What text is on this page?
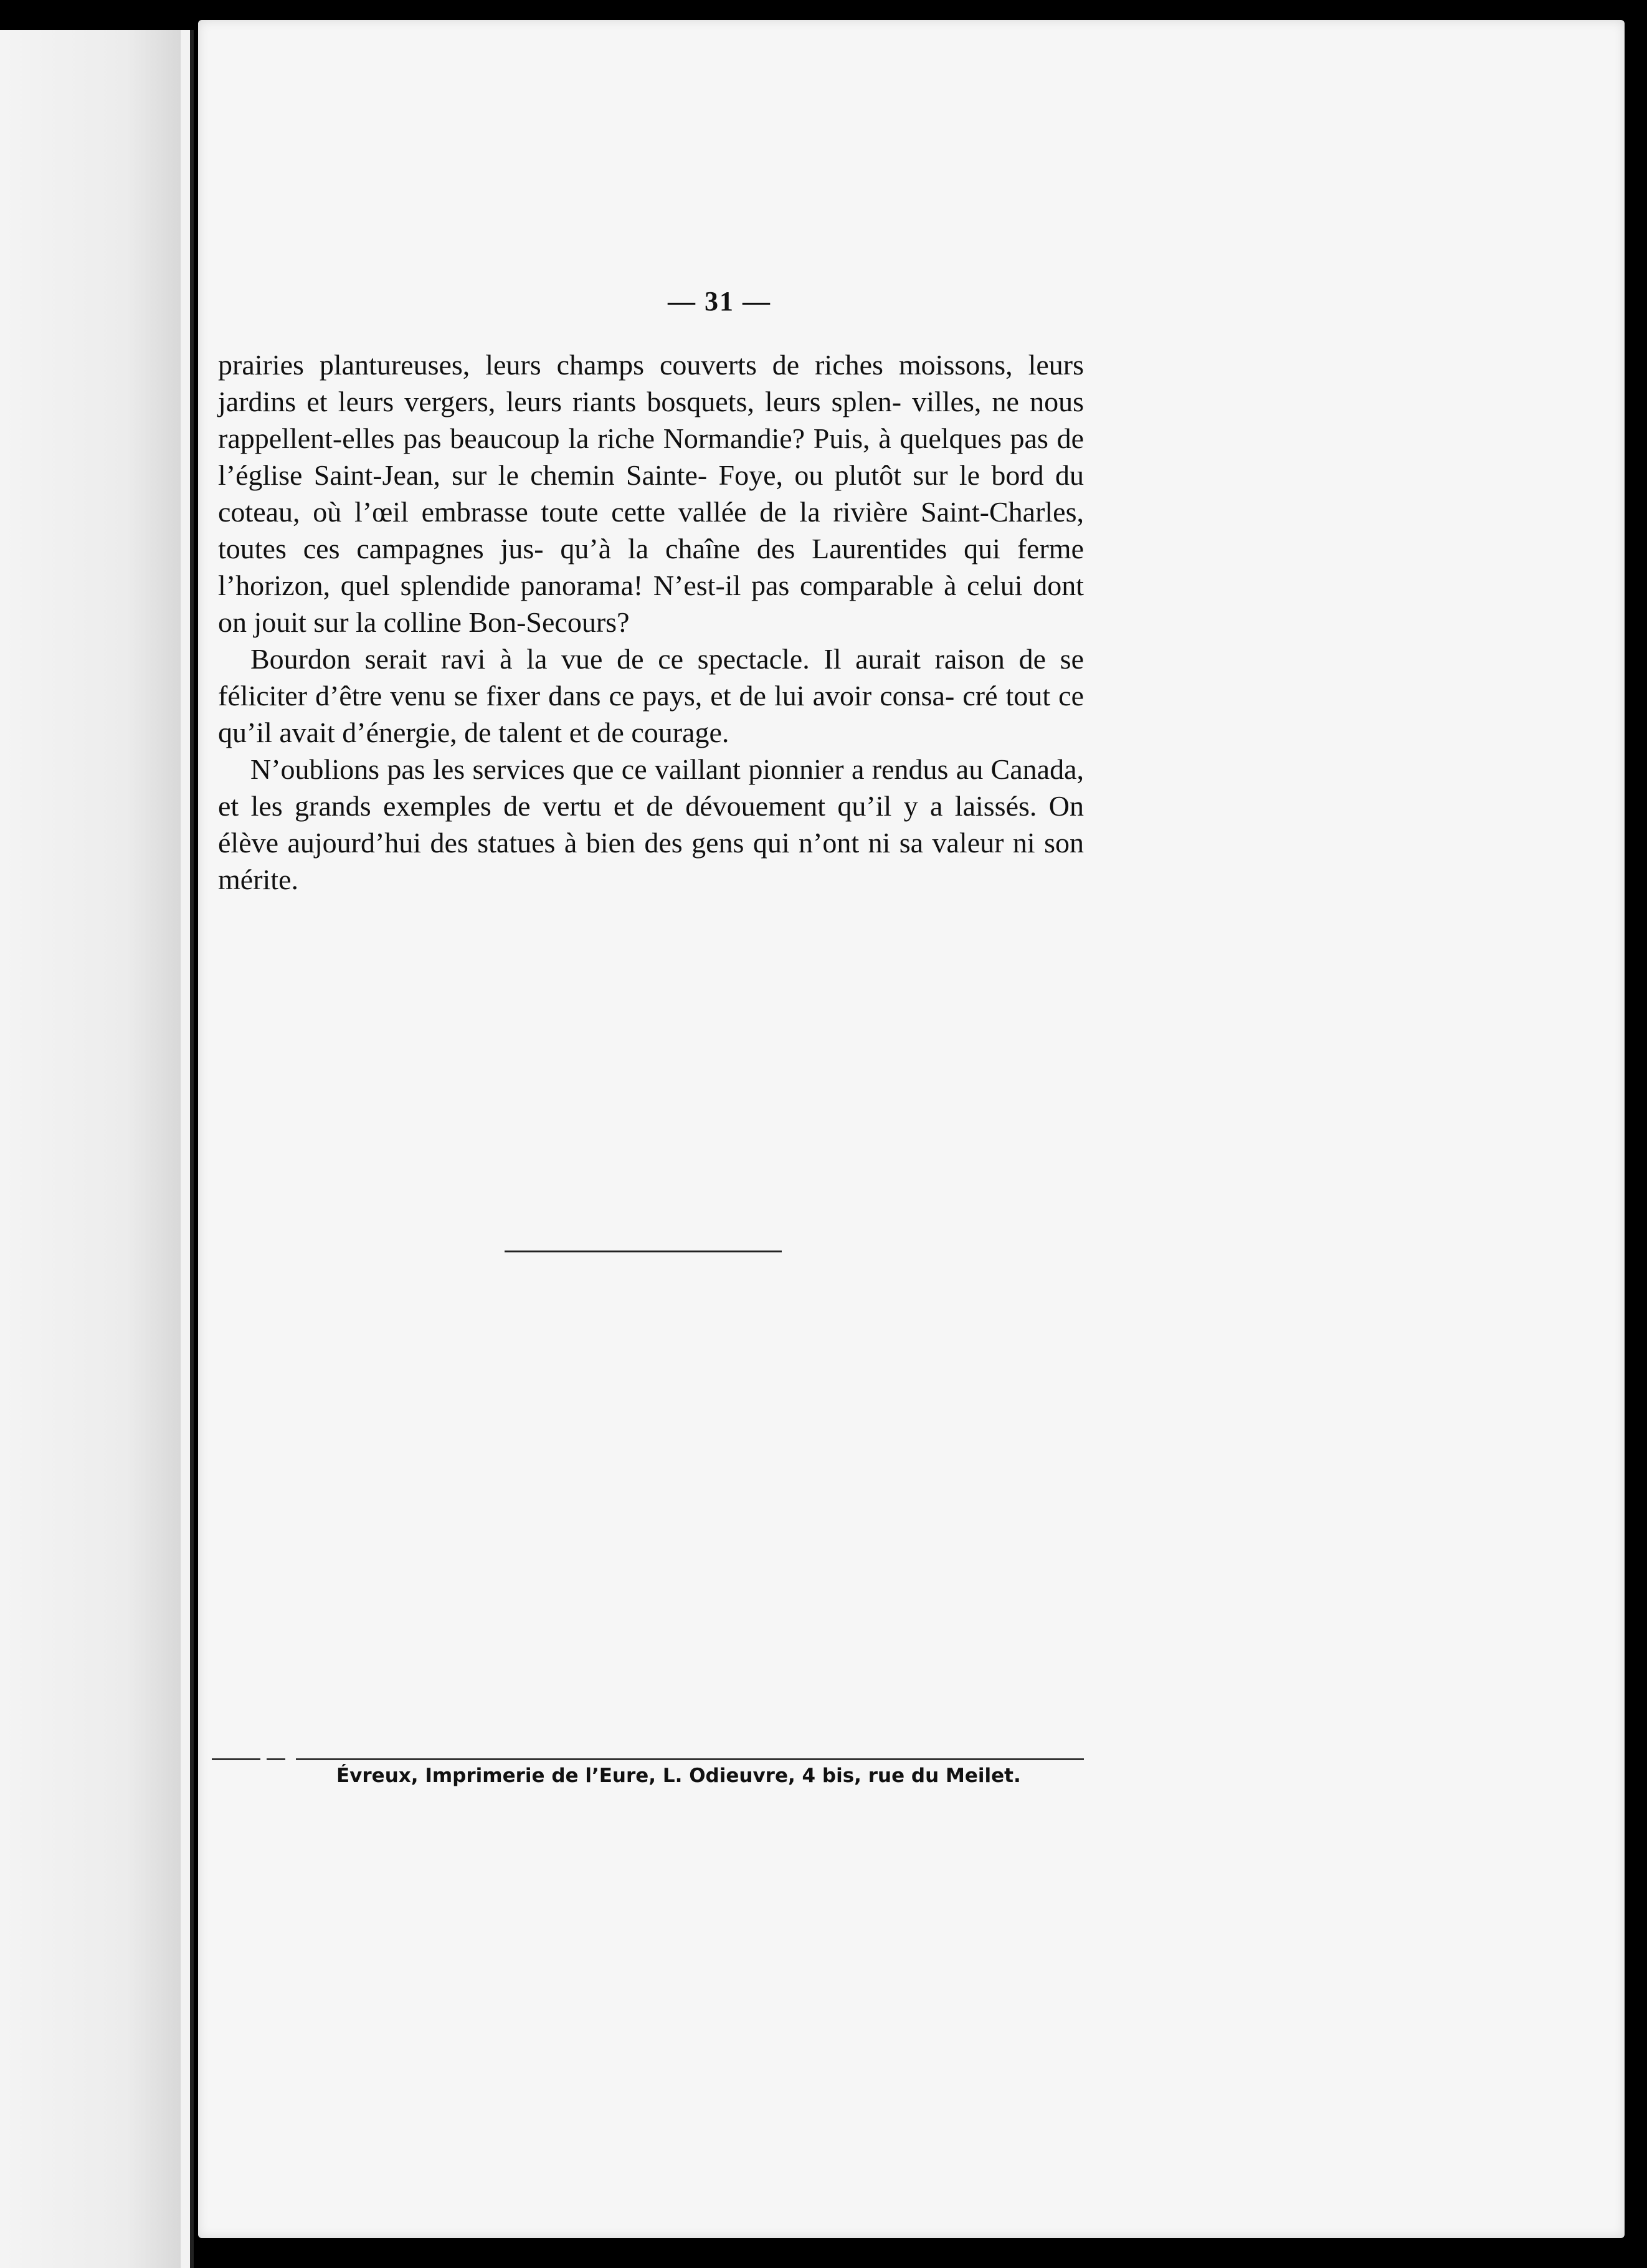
— 31 —

prairies plantureuses, leurs champs couverts de riches moissons, leurs jardins et leurs vergers, leurs riants bosquets, leurs splen- villes, ne nous rappellent-elles pas beaucoup la riche Normandie? Puis, à quelques pas de l’église Saint-Jean, sur le chemin Sainte- Foye, ou plutôt sur le bord du coteau, où l’œil embrasse toute cette vallée de la rivière Saint-Charles, toutes ces campagnes jus- qu’à la chaîne des Laurentides qui ferme l’horizon, quel splendide panorama! N’est-il pas comparable à celui dont on jouit sur la colline Bon-Secours?

Bourdon serait ravi à la vue de ce spectacle. Il aurait raison de se féliciter d’être venu se fixer dans ce pays, et de lui avoir consa- cré tout ce qu’il avait d’énergie, de talent et de courage.

N’oublions pas les services que ce vaillant pionnier a rendus au Canada, et les grands exemples de vertu et de dévouement qu’il y a laissés. On élève aujourd’hui des statues à bien des gens qui n’ont ni sa valeur ni son mérite.

Évreux, Imprimerie de l’Eure, L. Odieuvre, 4 bis, rue du Meilet.
